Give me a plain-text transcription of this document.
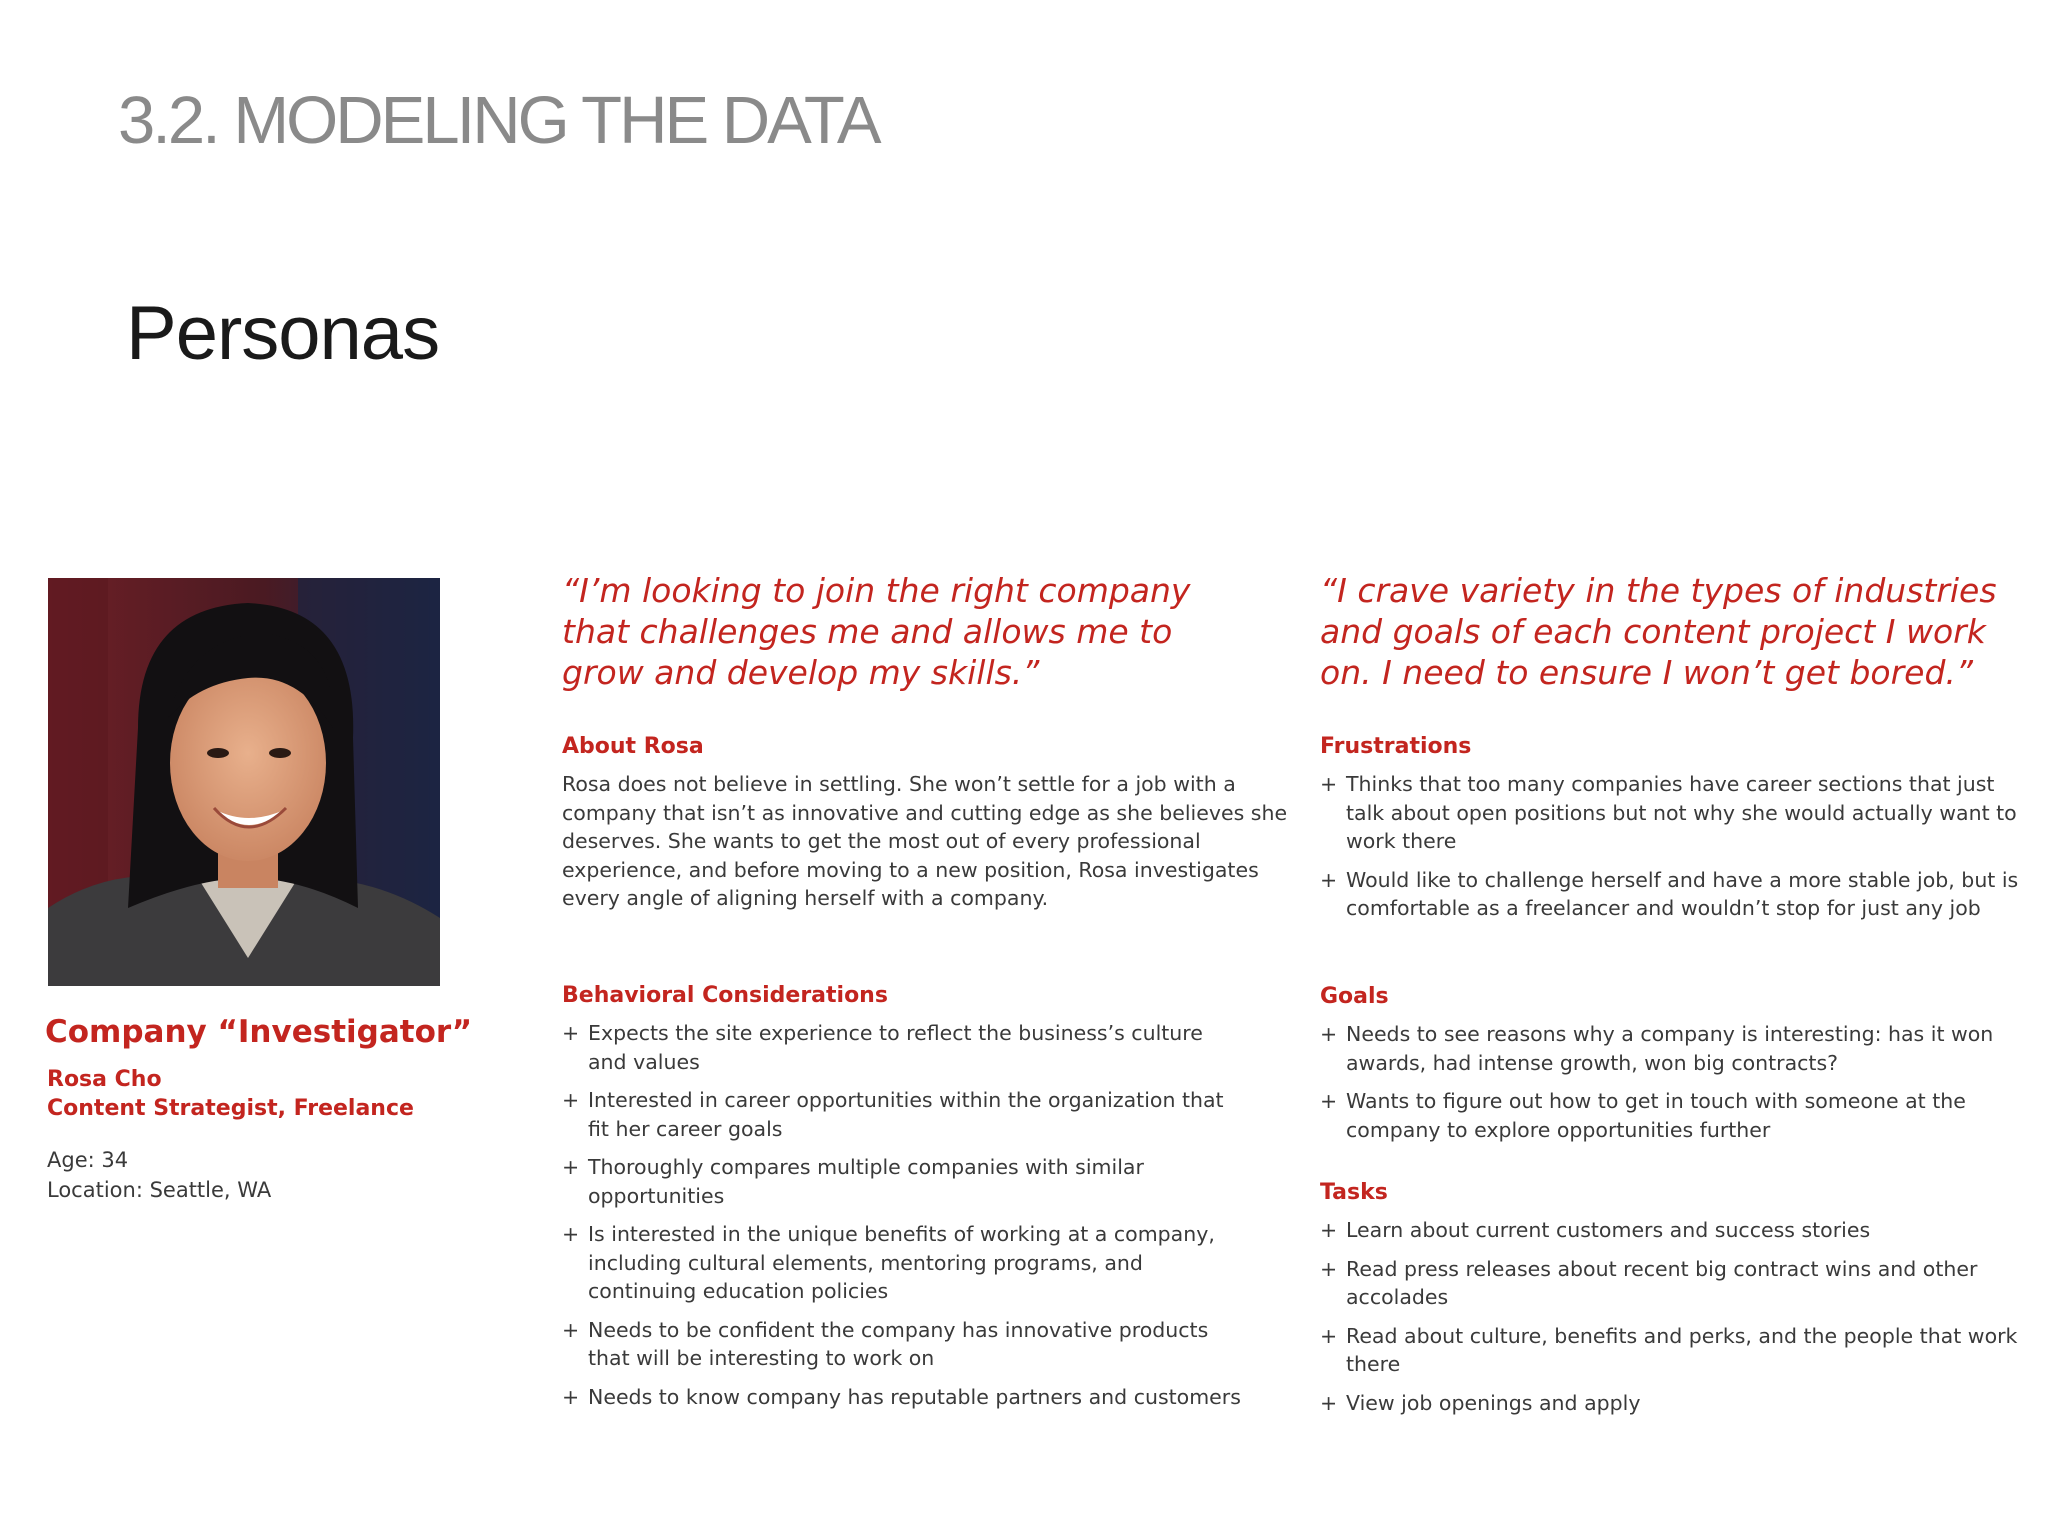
3.2. MODELING THE DATA
Personas
Company “Investigator”
Rosa Cho
Content Strategist, Freelance
Age: 34
Location: Seattle, WA
“I’m looking to join the right company that challenges me and allows me to grow and develop my skills.”
“I crave variety in the types of industries and goals of each content project I work on. I need to ensure I won’t get bored.”
About Rosa
Rosa does not believe in settling. She won’t settle for a job with a company that isn’t as innovative and cutting edge as she believes she deserves. She wants to get the most out of every professional experience, and before moving to a new position, Rosa investigates every angle of aligning herself with a company.
Behavioral Considerations
+ Expects the site experience to reflect the business’s culture and values
+ Interested in career opportunities within the organization that fit her career goals
+ Thoroughly compares multiple companies with similar opportunities
+ Is interested in the unique benefits of working at a company, including cultural elements, mentoring programs, and continuing education policies
+ Needs to be confident the company has innovative products that will be interesting to work on
+ Needs to know company has reputable partners and customers
Frustrations
+ Thinks that too many companies have career sections that just talk about open positions but not why she would actually want to work there
+ Would like to challenge herself and have a more stable job, but is comfortable as a freelancer and wouldn’t stop for just any job
Goals
+ Needs to see reasons why a company is interesting: has it won awards, had intense growth, won big contracts?
+ Wants to figure out how to get in touch with someone at the company to explore opportunities further
Tasks
+ Learn about current customers and success stories
+ Read press releases about recent big contract wins and other accolades
+ Read about culture, benefits and perks, and the people that work there
+ View job openings and apply
